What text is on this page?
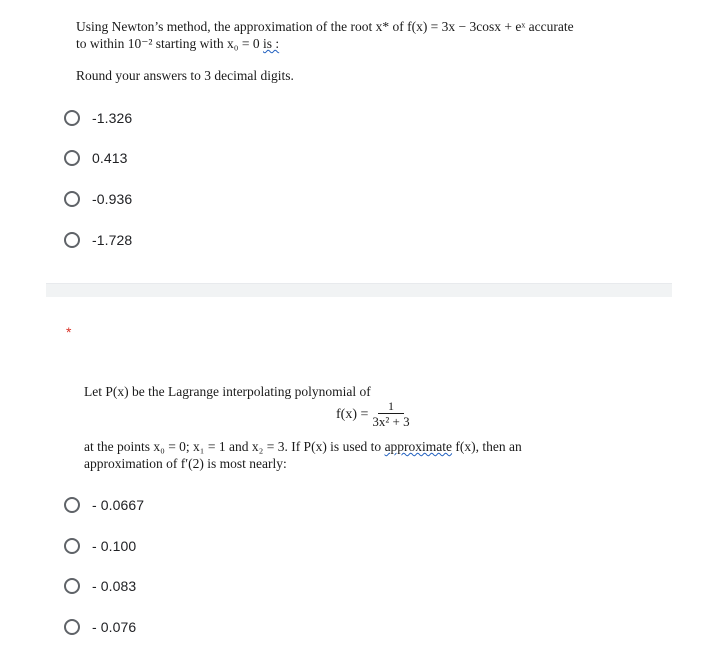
Using Newton’s method, the approximation of the root x* of f(x) = 3x − 3cosx + eˣ accurate

to within 10⁻² starting with x₀ = 0 is :

Round your answers to 3 decimal digits.
-1.326
0.413
-0.936
-1.728
*
Let P(x) be the Lagrange interpolating polynomial of
$f(x) = \frac{1}{\text{3x² + 3}}$

at the points x₀ = 0; x₁ = 1 and x₂ = 3. If P(x) is used to approximate f(x), then an

approximation of f′(2) is most nearly:

- 0.0667
- 0.100
- 0.083
- 0.076
